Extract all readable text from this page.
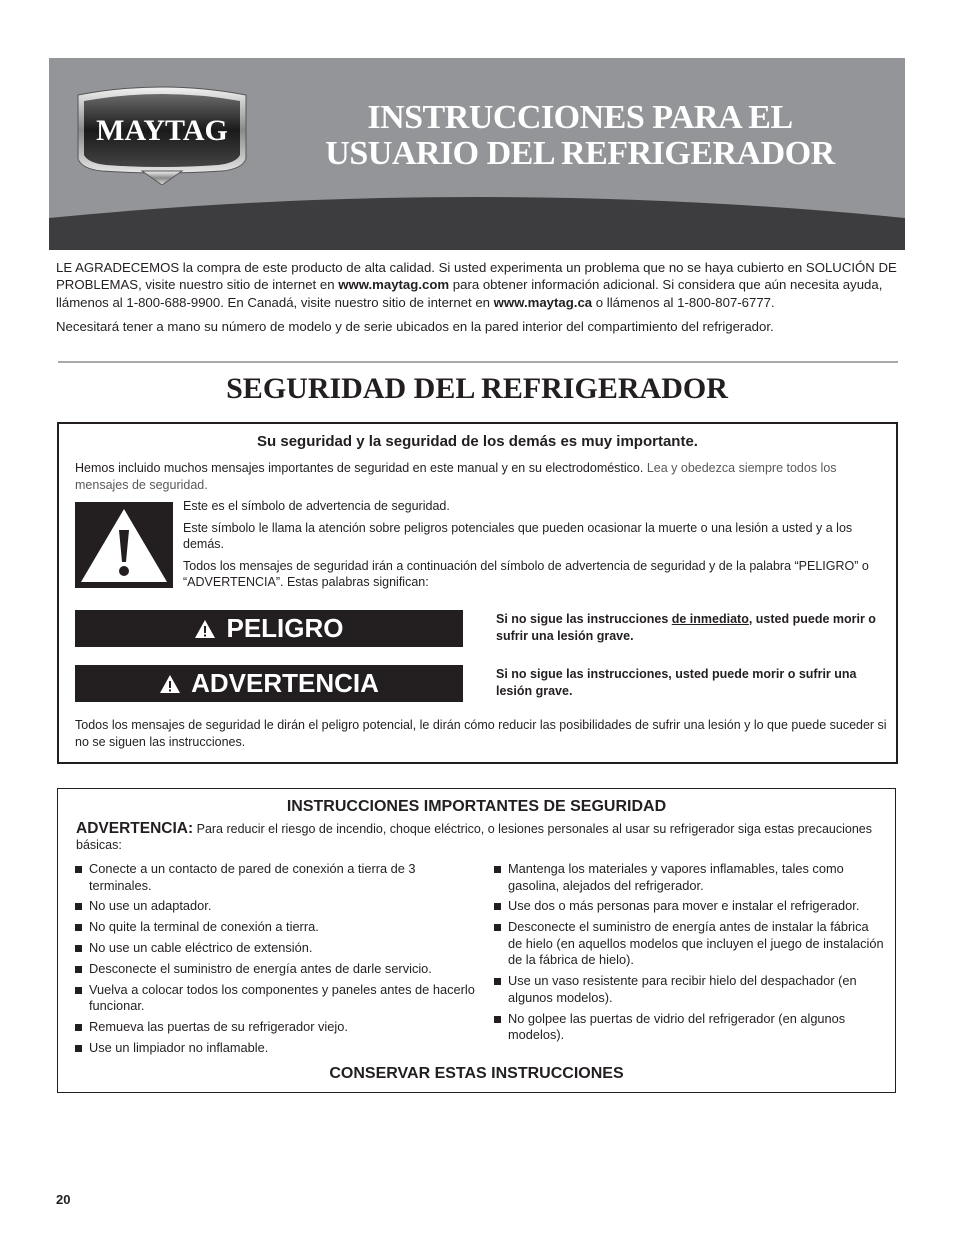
MAYTAG	INSTRUCCIONES PARA EL
USUARIO DEL REFRIGERADOR

LE AGRADECEMOS la compra de este producto de alta calidad. Si usted experimenta un problema que no se haya cubierto en SOLUCIÓN DE PROBLEMAS, visite nuestro sitio de internet en www.maytag.com para obtener información adicional. Si considera que aún necesita ayuda, llámenos al 1-800-688-9900. En Canadá, visite nuestro sitio de internet en www.maytag.ca o llámenos al 1-800-807-6777.

Necesitará tener a mano su número de modelo y de serie ubicados en la pared interior del compartimiento del refrigerador.

SEGURIDAD DEL REFRIGERADOR
Su seguridad y la seguridad de los demás es muy importante.
Hemos incluido muchos mensajes importantes de seguridad en este manual y en su electrodoméstico. Lea y obedezca siempre todos los mensajes de seguridad.

Este es el símbolo de advertencia de seguridad.

Este símbolo le llama la atención sobre peligros potenciales que pueden ocasionar la muerte o una lesión a usted y a los demás.

Todos los mensajes de seguridad irán a continuación del símbolo de advertencia de seguridad y de la palabra “PELIGRO” o “ADVERTENCIA”. Estas palabras significan:

PELIGRO	Si no sigue las instrucciones de inmediato, usted puede morir o sufrir una lesión grave.
ADVERTENCIA	Si no sigue las instrucciones, usted puede morir o sufrir una lesión grave.
Todos los mensajes de seguridad le dirán el peligro potencial, le dirán cómo reducir las posibilidades de sufrir una lesión y lo que puede suceder si no se siguen las instrucciones.
INSTRUCCIONES IMPORTANTES DE SEGURIDAD
ADVERTENCIA: Para reducir el riesgo de incendio, choque eléctrico, o lesiones personales al usar su refrigerador siga estas precauciones básicas:
Conecte a un contacto de pared de conexión a tierra de 3 terminales.
No use un adaptador.
No quite la terminal de conexión a tierra.
No use un cable eléctrico de extensión.
Desconecte el suministro de energía antes de darle servicio.
Vuelva a colocar todos los componentes y paneles antes de hacerlo funcionar.
Remueva las puertas de su refrigerador viejo.
Use un limpiador no inflamable.
Mantenga los materiales y vapores inflamables, tales como gasolina, alejados del refrigerador.
Use dos o más personas para mover e instalar el refrigerador.
Desconecte el suministro de energía antes de instalar la fábrica de hielo (en aquellos modelos que incluyen el juego de instalación de la fábrica de hielo).
Use un vaso resistente para recibir hielo del despachador (en algunos modelos).
No golpee las puertas de vidrio del refrigerador (en algunos modelos).
CONSERVAR ESTAS INSTRUCCIONES
20
